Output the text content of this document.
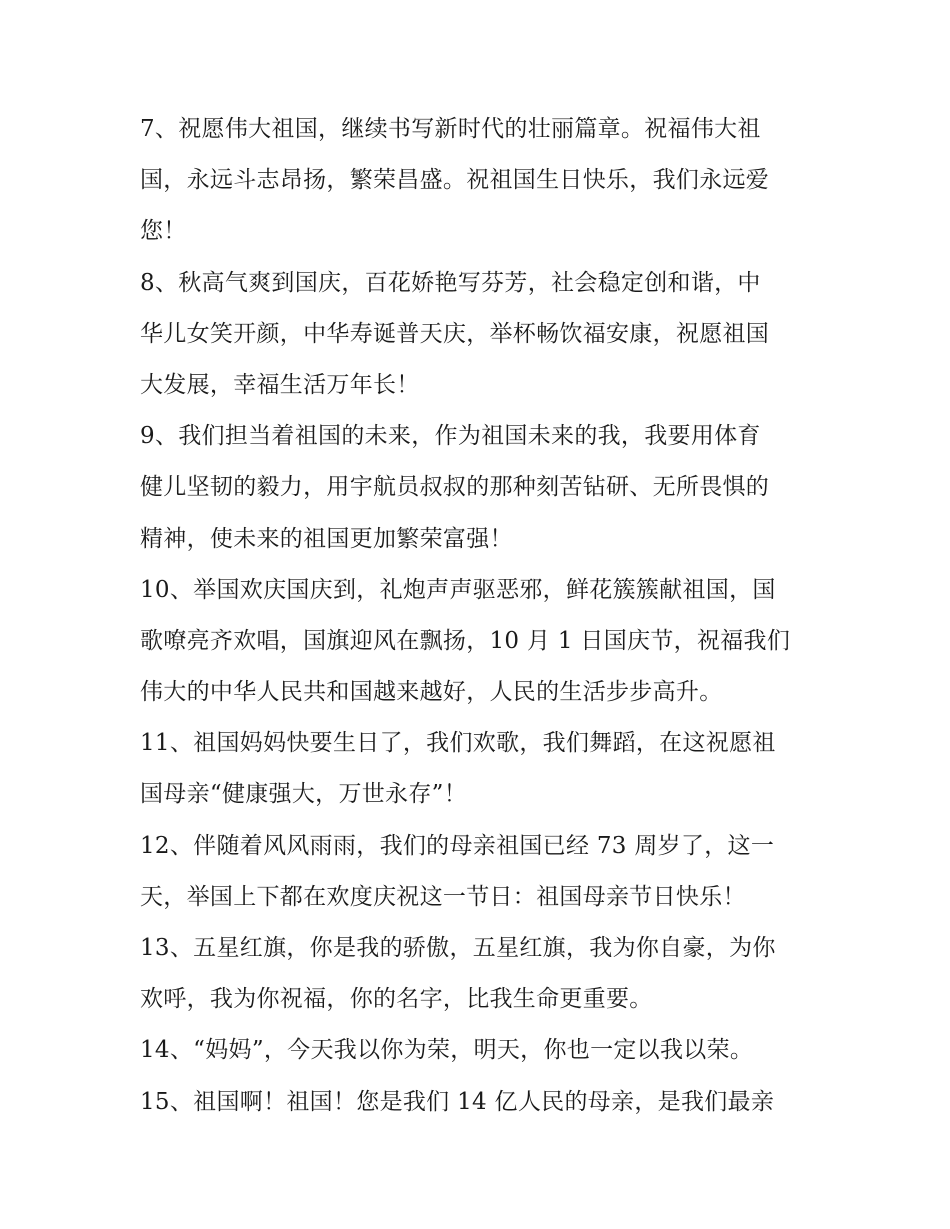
7、祝愿伟大祖国，继续书写新时代的壮丽篇章。祝福伟大祖
国，永远斗志昂扬，繁荣昌盛。祝祖国生日快乐，我们永远爱
您！
8、秋高气爽到国庆，百花娇艳写芬芳，社会稳定创和谐，中
华儿女笑开颜，中华寿诞普天庆，举杯畅饮福安康，祝愿祖国
大发展，幸福生活万年长！
9、我们担当着祖国的未来，作为祖国未来的我，我要用体育
健儿坚韧的毅力，用宇航员叔叔的那种刻苦钻研、无所畏惧的
精神，使未来的祖国更加繁荣富强！
10、举国欢庆国庆到，礼炮声声驱恶邪，鲜花簇簇献祖国，国
歌嘹亮齐欢唱，国旗迎风在飘扬，10 月 1 日国庆节，祝福我们
伟大的中华人民共和国越来越好，人民的生活步步高升。
11、祖国妈妈快要生日了，我们欢歌，我们舞蹈，在这祝愿祖
国母亲“健康强大，万世永存”！
12、伴随着风风雨雨，我们的母亲祖国已经 73 周岁了，这一
天，举国上下都在欢度庆祝这一节日：祖国母亲节日快乐！
13、五星红旗，你是我的骄傲，五星红旗，我为你自豪，为你
欢呼，我为你祝福，你的名字，比我生命更重要。
14、“妈妈”，今天我以你为荣，明天，你也一定以我以荣。
15、祖国啊！祖国！您是我们 14 亿人民的母亲，是我们最亲
